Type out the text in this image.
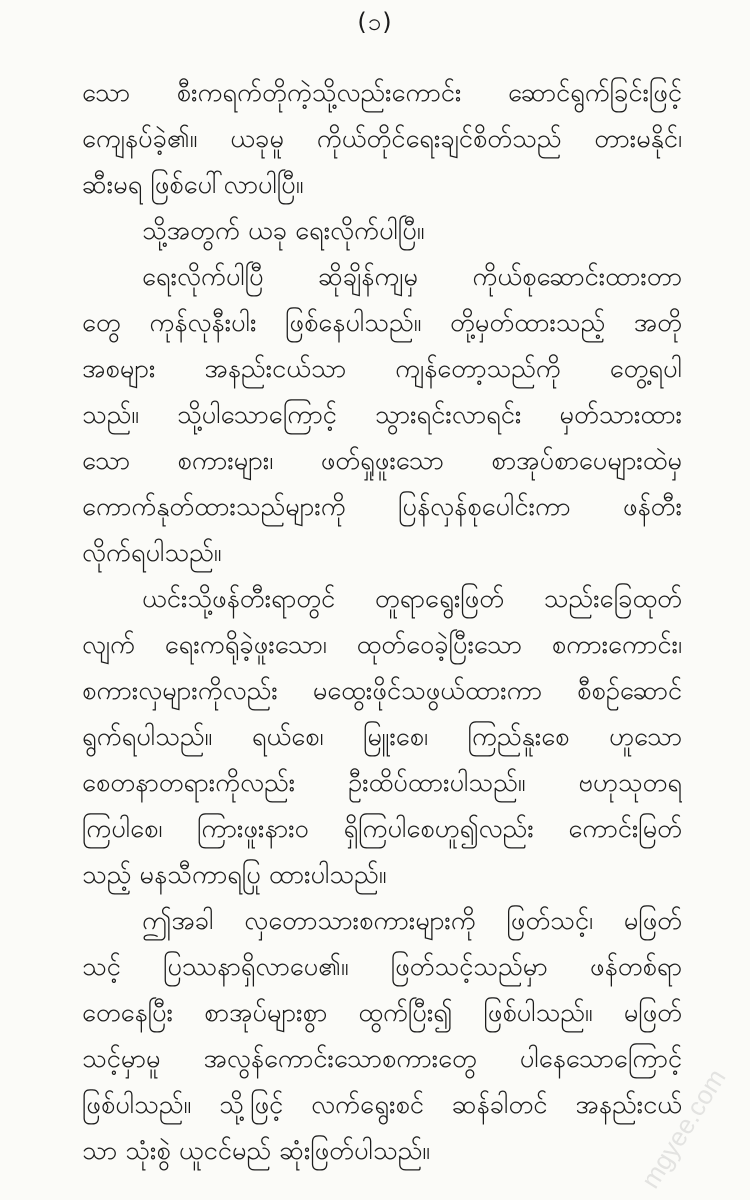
(၁)
သော စီးကရက်တိုကဲ့သို့လည်းကောင်း ဆောင်ရွက်ခြင်းဖြင့်
ကျေနပ်ခဲ့၏။ ယခုမူ ကိုယ်တိုင်ရေးချင်စိတ်သည် တားမနိုင်၊
ဆီးမရ ဖြစ်ပေါ်လာပါပြီ။
သို့အတွက် ယခု ရေးလိုက်ပါပြီ။
ရေးလိုက်ပါပြီ ဆိုချိန်ကျမှ ကိုယ်စုဆောင်းထားတာ
တွေ ကုန်လုနီးပါး ဖြစ်နေပါသည်။ တို့မှတ်ထားသည့် အတို
အစများ အနည်းငယ်သာ ကျန်တော့သည်ကို တွေ့ရပါ
သည်။ သို့ပါသောကြောင့် သွားရင်းလာရင်း မှတ်သားထား
သော စကားများ၊ ဖတ်ရှုဖူးသော စာအုပ်စာပေများထဲမှ
ကောက်နုတ်ထားသည်များကို ပြန်လှန်စုပေါင်းကာ ဖန်တီး
လိုက်ရပါသည်။
ယင်းသို့ဖန်တီးရာတွင် တူရာရွေးဖြတ် သည်းခြေထုတ်
လျက် ရေးကရိုခဲ့ဖူးသော၊ ထုတ်ဝေခဲ့ပြီးသော စကားကောင်း၊
စကားလှများကိုလည်း မထွေးဖိုင်သဖွယ်ထားကာ စီစဉ်ဆောင်
ရွက်ရပါသည်။ ရယ်စေ၊ မြူးစေ၊ ကြည်နူးစေ ဟူသော
စေတနာတရားကိုလည်း ဦးထိပ်ထားပါသည်။ ဗဟုသုတရ
ကြပါစေ၊ ကြားဖူးနားဝ ရှိကြပါစေဟူ၍လည်း ကောင်းမြတ်
သည့် မနသီကာရပြု ထားပါသည်။
ဤအခါ လှတောသားစကားများကို ဖြတ်သင့်၊ မဖြတ်
သင့် ပြဿနာရှိလာပေ၏။ ဖြတ်သင့်သည်မှာ ဖန်တစ်ရာ
တေနေပြီး စာအုပ်များစွာ ထွက်ပြီး၍ ဖြစ်ပါသည်။ မဖြတ်
သင့်မှာမူ အလွန်ကောင်းသောစကားတွေ ပါနေသောကြောင့်
ဖြစ်ပါသည်။ သို့ဖြင့် လက်ရွေးစင် ဆန်ခါတင် အနည်းငယ်
သာ သုံးစွဲ ယူငင်မည် ဆုံးဖြတ်ပါသည်။	mgyee.com
